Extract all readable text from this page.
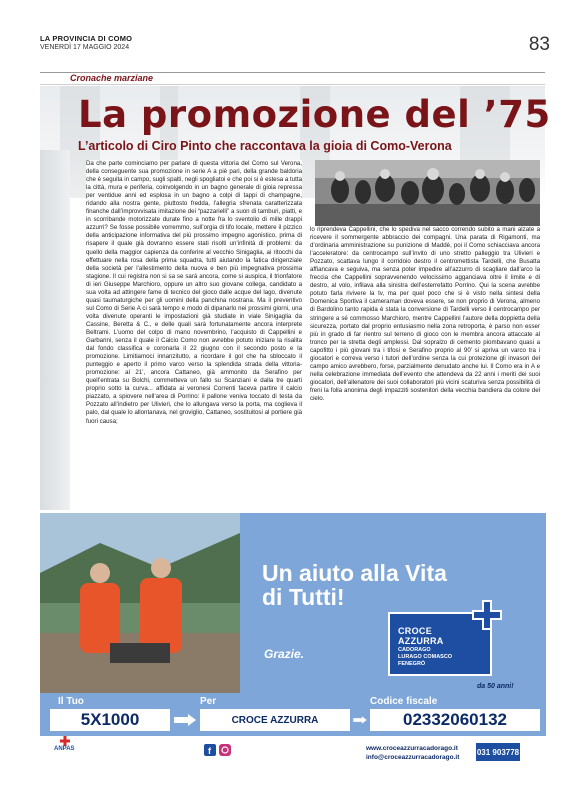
LA PROVINCIA DI COMO
VENERDÌ 17 MAGGIO 2024	83
Cronache marziane
La promozione del ’75
L’articolo di Ciro Pinto che raccontava la gioia di Como-Verona
Da che parte cominciamo per parlare di questa vittoria del Como sul Verona, della conseguente sua promozione in serie A a piè pari, della grande baldoria che è seguita in campo, sugli spalti, negli spogliatoi e che poi si è estesa a tutta la città, mura e periferia, coinvolgendo in un bagno generale di gioia repressa per ventidue anni ed esplosa in un bagno a colpi di tappi di champagne, ridando alla nostra gente, piuttosto fredda, l’allegria sfrenata caratterizzata finanche dall’improvvisata imitazione dei “pazzarielli” a suon di tamburi, piatti, e in scorribande motorizzate durate fino a notte fra lo sventolio di mille drappi azzurri? Se fosse possibile vorremmo, sull’orgia di tifo locale, mettere il pizzico della anticipazione informativa del più prossimo impegno agonistico, prima di risapere il quale già dovranno essere stati risolti un’infinità di problemi: da quello della maggior capienza da conferire al vecchio Sinigaglia, ai ritocchi da effettuare nella rosa della prima squadra, tutti aiutando la fatica dirigenziale della società per l’allestimento della nuova e ben più impegnativa prossima stagione. Il cui registra non si sa se sarà ancora, come si auspica, il trionfatore di ieri Giuseppe Marchioro, oppure un altro suo giovane collega, candidato a sua volta ad attingere fame di tecnico del gioco dalle acque del lago, divenute quasi taumaturgiche per gli uomini della panchina nostrana. Ma il preventivo sul Como di Serie A ci sarà tempo e modo di dipanarlo nei prossimi giorni, una volta divenute operanti le impostazioni già studiate in viale Sinigaglia da Cassine, Beretta & C., e delle quali sarà fortunatamente ancora interprete Beltrami. L’uomo del colpo di mano novembrino, l’acquisto di Cappellini e Garbarini, senza il quale il Calcio Como non avrebbe potuto iniziare la risalita dal fondo classifica e coronarla il 22 giugno con il secondo posto e la promozione. Limitiamoci innanzitutto, a ricordare il gol che ha sbloccato il punteggio e aperto il primo varco verso la splendida strada della vittoria-promozione: al 21’, ancora Cattaneo, già ammonito da Serafino per quell’entrata su Bolchi, commetteva un fallo su Scanziani e dalla tre quarti proprio sotto la curva... affidata ai veronesi Correnti faceva partire il calcio piazzato, a spiovere nell’area di Porrino: il pallone veniva toccato di testa da Pozzato all’indietro per Ulivieri, che lo allungava verso la porta, ma coglieva il palo, dal quale lo allontanava, nel groviglio, Cattaneo, sostituitosi al portiere già fuori causa;
lo riprendeva Cappellini, che lo spediva nel sacco correndo subito a mani alzate a ricevere il sommergente abbraccio dei compagni. Una parata di Rigamonti, ma d’ordinaria amministrazione su punizione di Maddè, poi il Como schiacciava ancora l’acceleratore: da centrocampo sull’invito di uno stretto palleggio tra Ulivieri e Pozzato, scattava lungo il corridoio destro il centromettista Tardelli, che Busatta affiancava e seguiva, ma senza poter impedire all’azzurro di scagliare dall’arco la freccia che Cappellini sopravvenendo velocissimo agganciava oltre il limite e di destro, al volo, infilava alla sinistra dell’esterrefatto Porrino. Qui la scena avrebbe potuto farla rivivere la tv, ma per quel poco che si è visto nella sintesi della Domenica Sportiva il cameraman doveva essere, se non proprio di Verona, almeno di Bardolino tanto rapida è stata la conversione di Tardelli verso il centrocampo per stringere a sé commosso Marchioro, mentre Cappellini l’autore della doppietta della sicurezza, portato dal proprio entusiasmo nella zona retroporta, è parso non esser più in grado di far rientro sul terreno di gioco con le membra ancora attaccate al tronco per la stretta degli amplessi. Dal sopralzo di cemento piombavano quasi a capofitto i più giovani tra i tifosi e Serafino proprio al 90’ si apriva un varco tra i giocatori e correva verso i tutori dell’ordine senza la cui protezione gli invasori del campo amico avrebbero, forse, parzialmente denudato anche lui. Il Como era in A e nella celebrazione immediata dell’evento che attendeva da 22 anni i meriti dei suoi giocatori, dell’allenatore dei suoi collaboratori più vicini scaturiva senza possibilità di freni la folla anonima degli impazziti sostenitori della vecchia bandiera da colore del cielo.
Un aiuto alla Vita di Tutti!
Grazie.
CROCE
AZZURRA
CADORAGO
LURAGO COMASCO
FENEGRÒ
da 50 anni!
Il Tuo	Per	Codice fiscale
5X1000	CROCE AZZURRA	02332060132
ANPAS	f	www.croceazzurracadorago.it
info@croceazzurracadorago.it
031 903778
